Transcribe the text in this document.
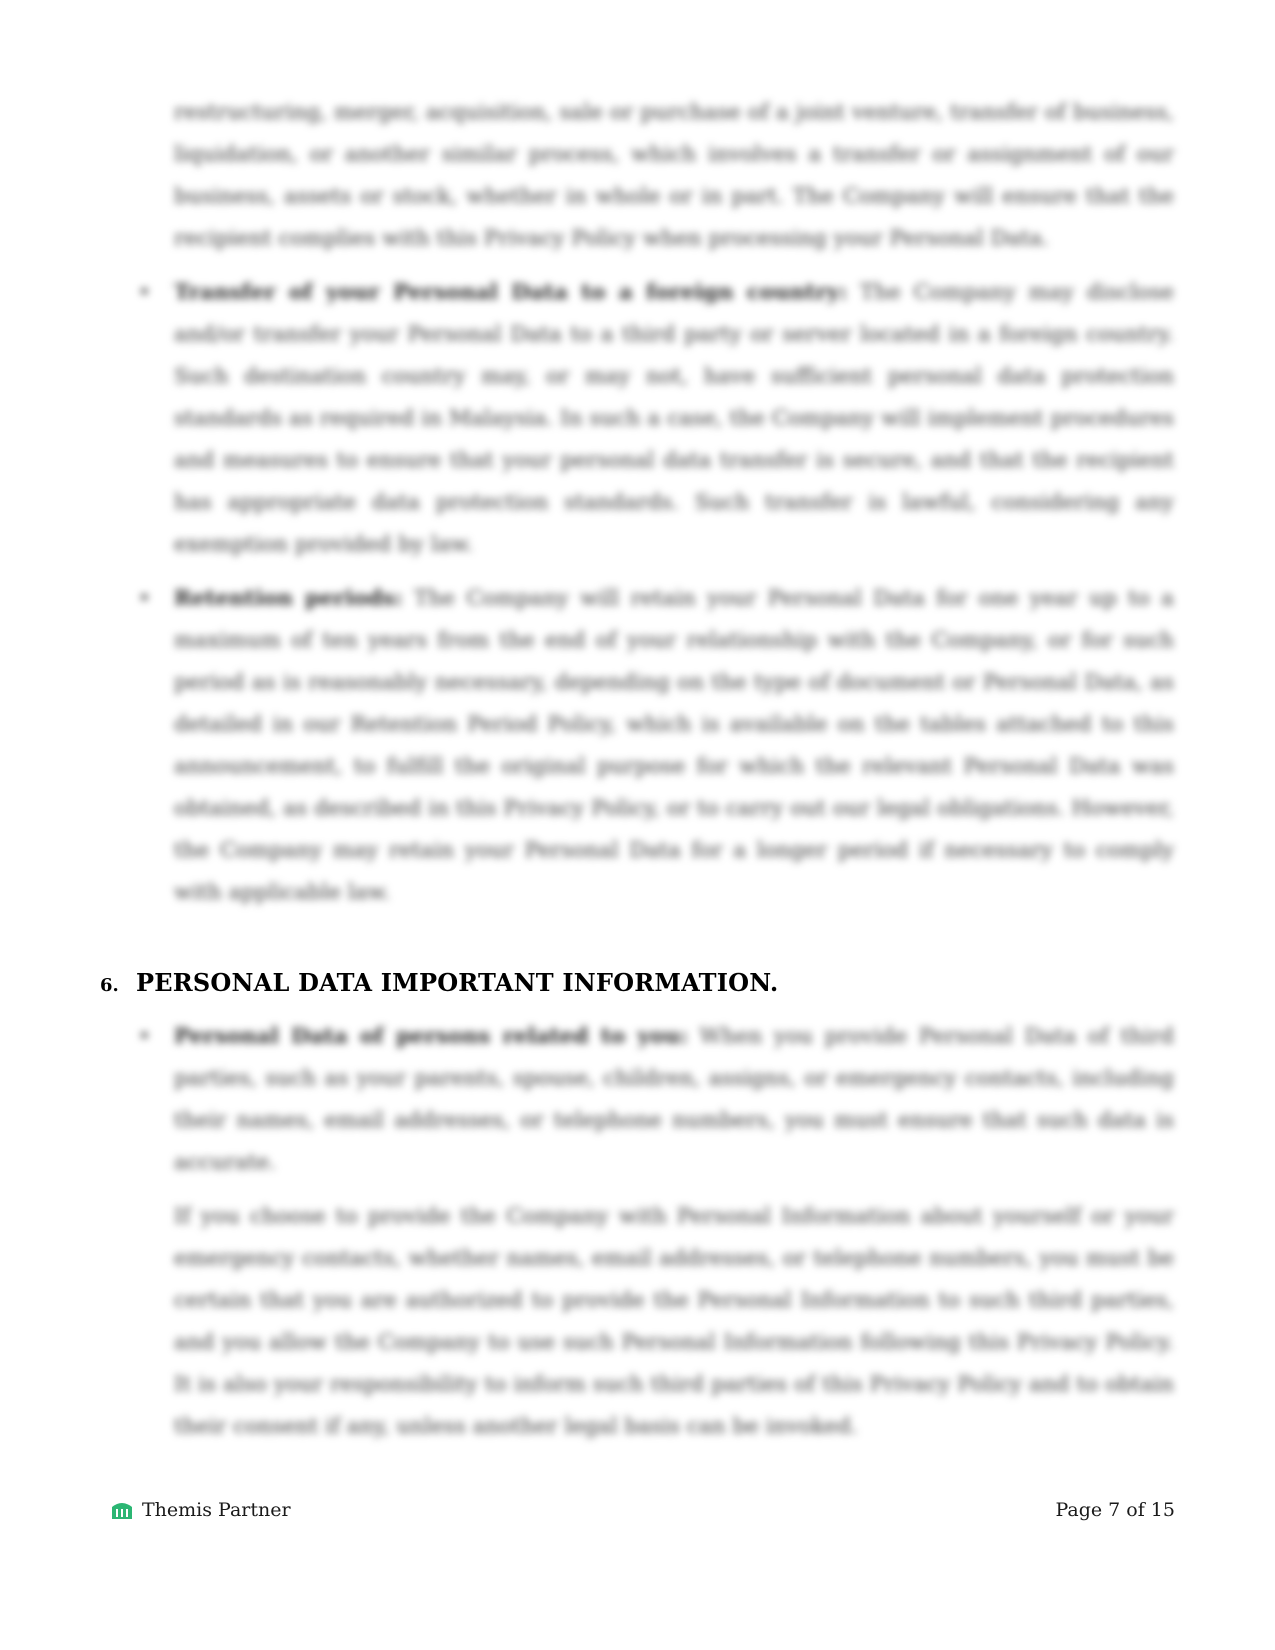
restructuring, merger, acquisition, sale or purchase of a joint venture, transfer of business, liquidation, or another similar process, which involves a transfer or assignment of our business, assets or stock, whether in whole or in part. The Company will ensure that the recipient complies with this Privacy Policy when processing your Personal Data.
• Transfer of your Personal Data to a foreign country: The Company may disclose and/or transfer your Personal Data to a third party or server located in a foreign country. Such destination country may, or may not, have sufficient personal data protection standards as required in Malaysia. In such a case, the Company will implement procedures and measures to ensure that your personal data transfer is secure, and that the recipient has appropriate data protection standards. Such transfer is lawful, considering any exemption provided by law.
• Retention periods: The Company will retain your Personal Data for one year up to a maximum of ten years from the end of your relationship with the Company, or for such period as is reasonably necessary, depending on the type of document or Personal Data, as detailed in our Retention Period Policy, which is available on the tables attached to this announcement, to fulfill the original purpose for which the relevant Personal Data was obtained, as described in this Privacy Policy, or to carry out our legal obligations. However, the Company may retain your Personal Data for a longer period if necessary to comply with applicable law.
6. PERSONAL DATA IMPORTANT INFORMATION.
• Personal Data of persons related to you: When you provide Personal Data of third parties, such as your parents, spouse, children, assigns, or emergency contacts, including their names, email addresses, or telephone numbers, you must ensure that such data is accurate.
If you choose to provide the Company with Personal Information about yourself or your emergency contacts, whether names, email addresses, or telephone numbers, you must be certain that you are authorized to provide the Personal Information to such third parties, and you allow the Company to use such Personal Information following this Privacy Policy. It is also your responsibility to inform such third parties of this Privacy Policy and to obtain their consent if any, unless another legal basis can be invoked.
Themis Partner	Page 7 of 15
